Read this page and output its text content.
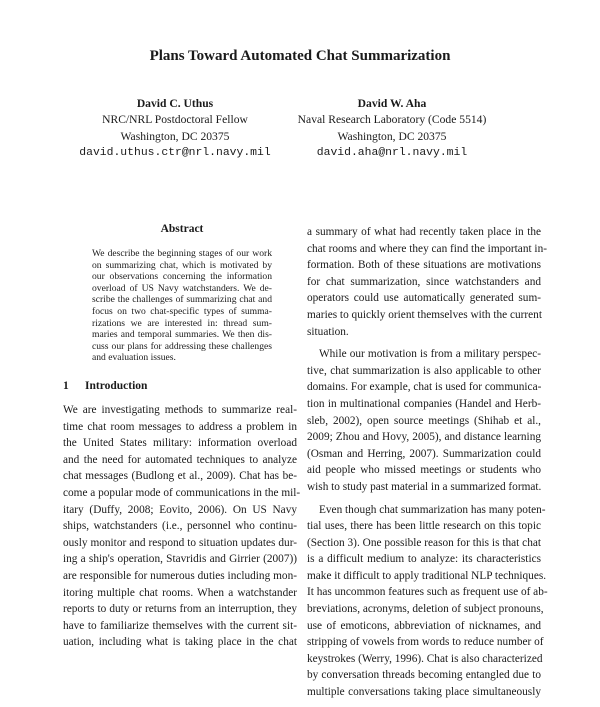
Plans Toward Automated Chat Summarization
David C. Uthus
NRC/NRL Postdoctoral Fellow
Washington, DC 20375
david.uthus.ctr@nrl.navy.mil
David W. Aha
Naval Research Laboratory (Code 5514)
Washington, DC 20375
david.aha@nrl.navy.mil
Abstract
We describe the beginning stages of our work
on summarizing chat, which is motivated by
our observations concerning the information
overload of US Navy watchstanders. We de-
scribe the challenges of summarizing chat and
focus on two chat-specific types of summa-
rizations we are interested in: thread sum-
maries and temporal summaries. We then dis-
cuss our plans for addressing these challenges
and evaluation issues.
1 Introduction
We are investigating methods to summarize real-
time chat room messages to address a problem in
the United States military: information overload
and the need for automated techniques to analyze
chat messages (Budlong et al., 2009). Chat has be-
come a popular mode of communications in the mil-
itary (Duffy, 2008; Eovito, 2006). On US Navy
ships, watchstanders (i.e., personnel who continu-
ously monitor and respond to situation updates dur-
ing a ship's operation, Stavridis and Girrier (2007))
are responsible for numerous duties including mon-
itoring multiple chat rooms. When a watchstander
reports to duty or returns from an interruption, they
have to familiarize themselves with the current sit-
uation, including what is taking place in the chat
a summary of what had recently taken place in the
chat rooms and where they can find the important in-
formation. Both of these situations are motivations
for chat summarization, since watchstanders and
operators could use automatically generated sum-
maries to quickly orient themselves with the current
situation.
While our motivation is from a military perspec-
tive, chat summarization is also applicable to other
domains. For example, chat is used for communica-
tion in multinational companies (Handel and Herb-
sleb, 2002), open source meetings (Shihab et al.,
2009; Zhou and Hovy, 2005), and distance learning
(Osman and Herring, 2007). Summarization could
aid people who missed meetings or students who
wish to study past material in a summarized format.
Even though chat summarization has many poten-
tial uses, there has been little research on this topic
(Section 3). One possible reason for this is that chat
is a difficult medium to analyze: its characteristics
make it difficult to apply traditional NLP techniques.
It has uncommon features such as frequent use of ab-
breviations, acronyms, deletion of subject pronouns,
use of emoticons, abbreviation of nicknames, and
stripping of vowels from words to reduce number of
keystrokes (Werry, 1996). Chat is also characterized
by conversation threads becoming entangled due to
multiple conversations taking place simultaneously
